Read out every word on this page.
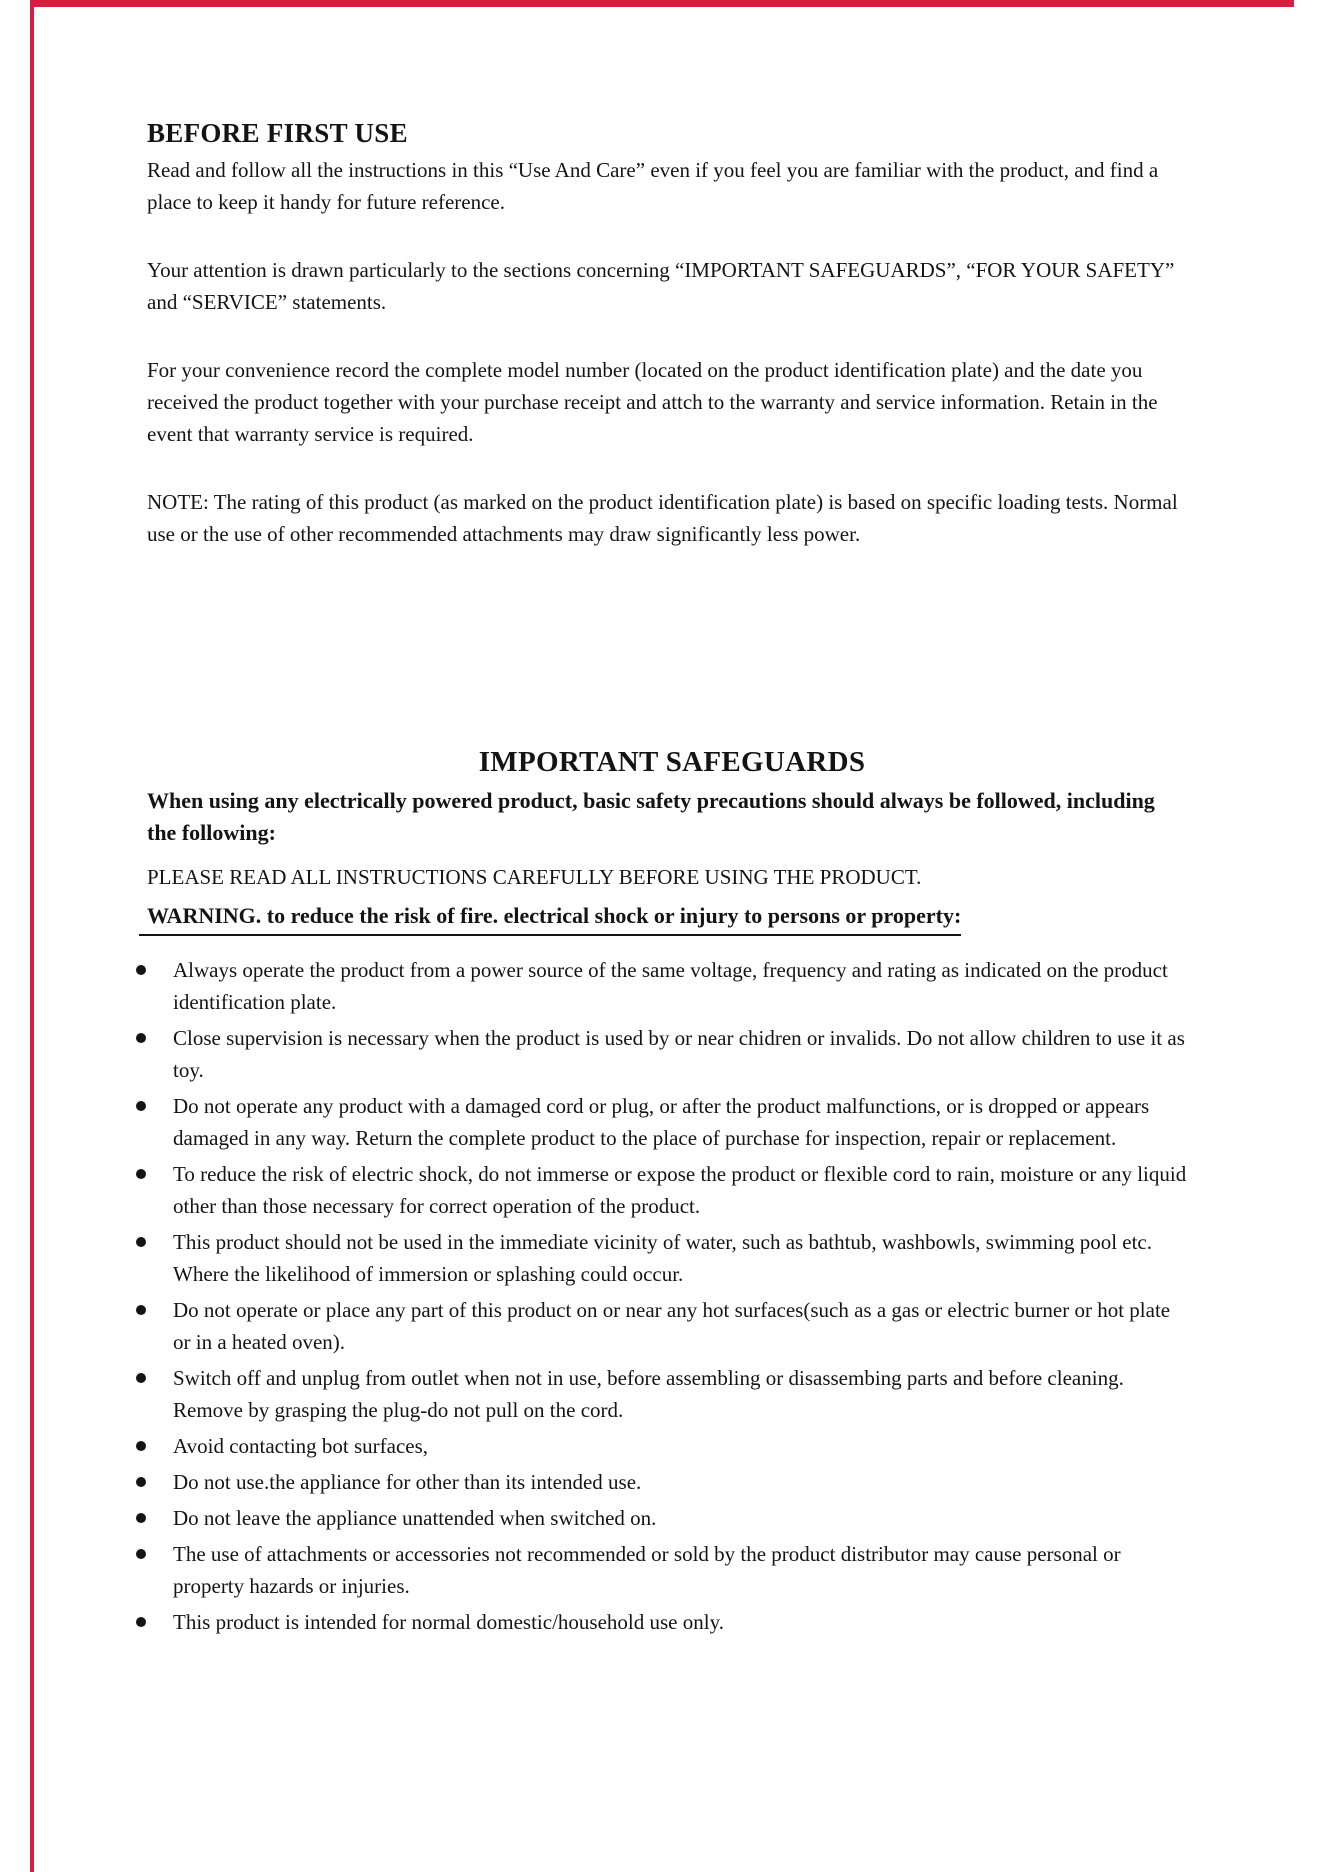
BEFORE FIRST USE

Read and follow all the instructions in this “Use And Care” even if you feel you are familiar with the product, and find a place to keep it handy for future reference.

Your attention is drawn particularly to the sections concerning “IMPORTANT SAFEGUARDS”, “FOR YOUR SAFETY” and “SERVICE” statements.

For your convenience record the complete model number (located on the product identification plate) and the date you received the product together with your purchase receipt and attch to the warranty and service information. Retain in the event that warranty service is required.

NOTE: The rating of this product (as marked on the product identification plate) is based on specific loading tests. Normal use or the use of other recommended attachments may draw significantly less power.

IMPORTANT SAFEGUARDS

When using any electrically powered product, basic safety precautions should always be followed, including the following:

PLEASE READ ALL INSTRUCTIONS CAREFULLY BEFORE USING THE PRODUCT.

WARNING. to reduce the risk of fire. electrical shock or injury to persons or property:
Always operate the product from a power source of the same voltage, frequency and rating as indicated on the product identification plate.
Close supervision is necessary when the product is used by or near chidren or invalids. Do not allow children to use it as toy.
Do not operate any product with a damaged cord or plug, or after the product malfunctions, or is dropped or appears damaged in any way. Return the complete product to the place of purchase for inspection, repair or replacement.
To reduce the risk of electric shock, do not immerse or expose the product or flexible cord to rain, moisture or any liquid other than those necessary for correct operation of the product.
This product should not be used in the immediate vicinity of water, such as bathtub, washbowls, swimming pool etc. Where the likelihood of immersion or splashing could occur.
Do not operate or place any part of this product on or near any hot surfaces(such as a gas or electric burner or hot plate or in a heated oven).
Switch off and unplug from outlet when not in use, before assembling or disassembing parts and before cleaning. Remove by grasping the plug-do not pull on the cord.
Avoid contacting bot surfaces,
Do not use.the appliance for other than its intended use.
Do not leave the appliance unattended when switched on.
The use of attachments or accessories not recommended or sold by the product distributor may cause personal or property hazards or injuries.
This product is intended for normal domestic/household use only.
